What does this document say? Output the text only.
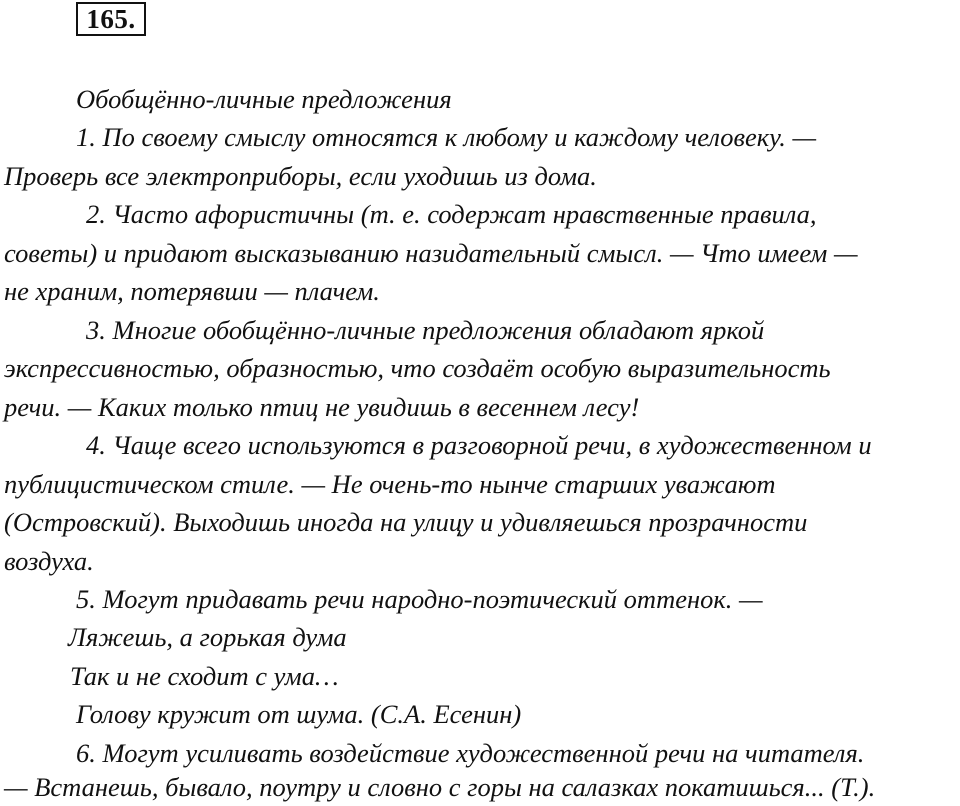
165.
Обобщённо-личные предложения
1. По своему смыслу относятся к любому и каждому человеку. —
Проверь все электроприборы, если уходишь из дома.
2. Часто афористичны (т. е. содержат нравственные правила,
советы) и придают высказыванию назидательный смысл. — Что имеем —
не храним, потерявши — плачем.
3. Многие обобщённо-личные предложения обладают яркой
экспрессивностью, образностью, что создаёт особую выразительность
речи. — Каких только птиц не увидишь в весеннем лесу!
4. Чаще всего используются в разговорной речи, в художественном и
публицистическом стиле. — Не очень-то нынче старших уважают
(Островский). Выходишь иногда на улицу и удивляешься прозрачности
воздуха.
5. Могут придавать речи народно-поэтический оттенок. —
Ляжешь, а горькая дума
Так и не сходит с ума…
Голову кружит от шума. (С.А. Есенин)
6. Могут усиливать воздействие художественной речи на читателя.
— Встанешь, бывало, поутру и словно с горы на салазках покатишься... (Т.).
